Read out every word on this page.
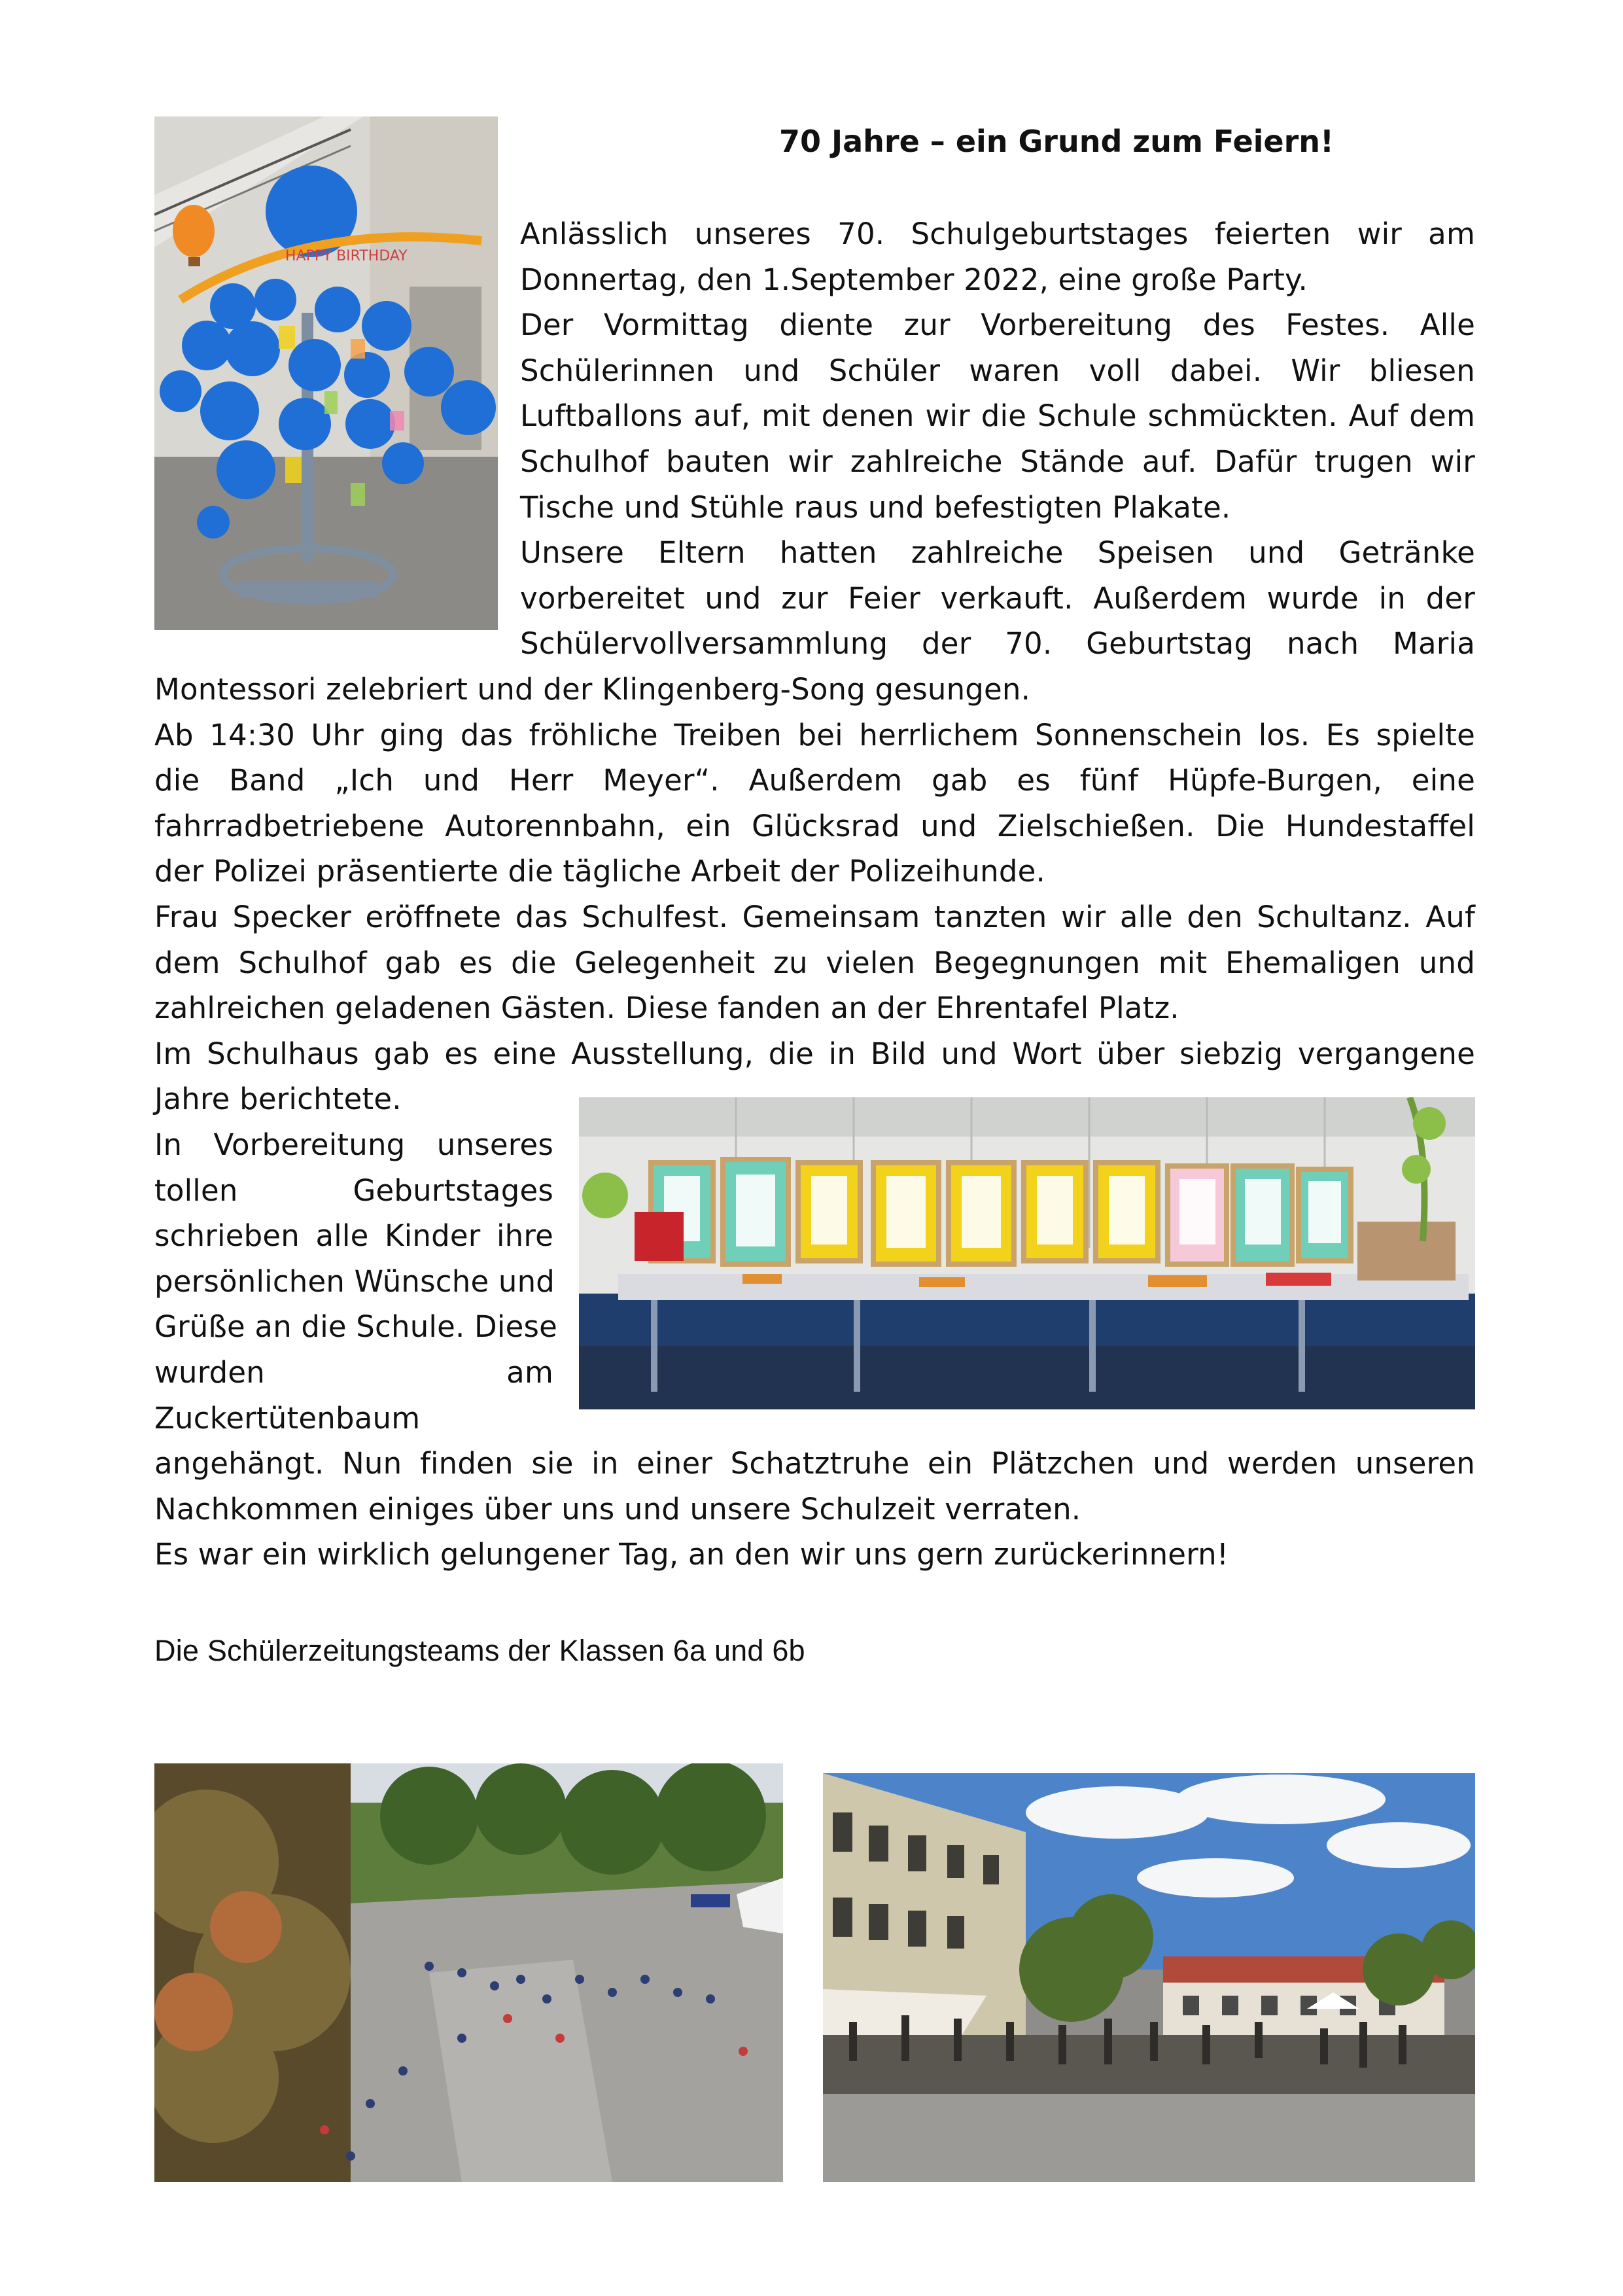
HAPPY BIRTHDAY
70 Jahre – ein Grund zum Feiern!
Anlässlich unseres 70. Schulgeburtstages feierten wir am
Donnertag, den 1.September 2022, eine große Party.
Der Vormittag diente zur Vorbereitung des Festes. Alle
Schülerinnen und Schüler waren voll dabei. Wir bliesen
Luftballons auf, mit denen wir die Schule schmückten. Auf dem
Schulhof bauten wir zahlreiche Stände auf. Dafür trugen wir
Tische und Stühle raus und befestigten Plakate.
Unsere Eltern hatten zahlreiche Speisen und Getränke
vorbereitet und zur Feier verkauft. Außerdem wurde in der
Schülervollversammlung der 70. Geburtstag nach Maria
Montessori zelebriert und der Klingenberg-Song gesungen.
Ab 14:30 Uhr ging das fröhliche Treiben bei herrlichem Sonnenschein los. Es spielte
die Band „Ich und Herr Meyer“. Außerdem gab es fünf Hüpfe-Burgen, eine
fahrradbetriebene Autorennbahn, ein Glücksrad und Zielschießen. Die Hundestaffel
der Polizei präsentierte die tägliche Arbeit der Polizeihunde.
Frau Specker eröffnete das Schulfest. Gemeinsam tanzten wir alle den Schultanz. Auf
dem Schulhof gab es die Gelegenheit zu vielen Begegnungen mit Ehemaligen und
zahlreichen geladenen Gästen. Diese fanden an der Ehrentafel Platz.
Im Schulhaus gab es eine Ausstellung, die in Bild und Wort über siebzig vergangene
Jahre berichtete.
In Vorbereitung unseres
tollen Geburtstages
schrieben alle Kinder ihre
persönlichen Wünsche und
Grüße an die Schule. Diese
wurden am
Zuckertütenbaum
angehängt. Nun finden sie in einer Schatztruhe ein Plätzchen und werden unseren
Nachkommen einiges über uns und unsere Schulzeit verraten.
Es war ein wirklich gelungener Tag, an den wir uns gern zurückerinnern!
Die Schülerzeitungsteams der Klassen 6a und 6b
